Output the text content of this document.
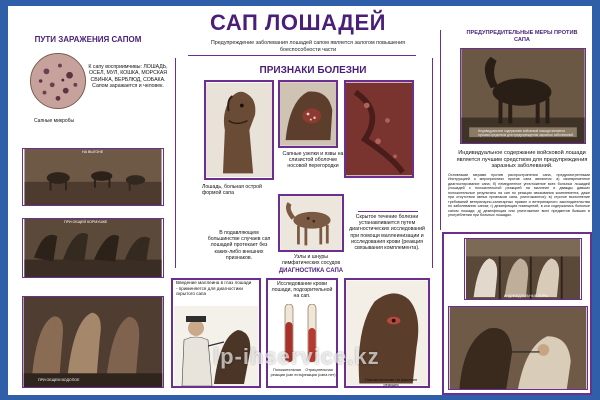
САП ЛОШАДЕЙ
Предупреждение заболевания лошадей сапом является залогом повышения боеспособности части
ПУТИ ЗАРАЖЕНИЯ САПОМ
К сапу восприимчивы: ЛОШАДЬ, ОСЕЛ, МУЛ, КОШКА, МОРСКАЯ СВИНКА, ВЕРБЛЮД, СОБАКА. Сапом заражается и человек.
Сапные микробы
НА ВЫГОНЕ
ПРИ ОБЩЕЙ КОРМУШКЕ
ПРИ ОБЩЕМ ВОДОПОЕ
ПРИЗНАКИ БОЛЕЗНИ
Лошадь, больная острой формой сапа
Сапные узелки и язвы на слизистой оболочке носовой перегородки
В подавляющем большинстве случаев сап лошадей протекает без каких-либо внешних признаков.	Узлы и шнуры лимфатических сосудов
Скрытое течение болезни устанавливается путем диагностических исследований при помощи маллеинизации и исследования крови (реакция связывания комплемента).
ДИАГНОСТИКА САПА
Введение маллеина в глаз лошади - применяется для диагностики скрытого сапа
Исследование крови лошади, подозрительной на сап.
Положительная реакция (сап есть)
Отрицательная реакция (сапа нет)
Положительная на маллеин реакция
ПРЕДУПРЕДИТЕЛЬНЫЕ МЕРЫ ПРОТИВ САПА
Индивидуальное содержание войсковой лошади является лучшим средством для предупреждения заразных заболеваний.
Индивидуальное содержание войсковой лошади является лучшим средством для предупреждения заразных заболеваний.
Основными мерами против распространения сапа, предусмотренными Инструкцией о мероприятиях против сапа являются: а) своевременное диагностирование сапа; б) немедленное уничтожение всех больных лошадей (лошадей с положительной реакцией на маллеин и дважды давших положительные результаты на сап по реакции связывания комплемента, даже при отсутствии явных признаков сапа, уничтожаются); в) строгое выполнение требований ветеринарно-санитарных правил и ветеринарного законодательства по заболеванию сапом; г) дезинфекция помещений, в кои содержались больные сапом лошади; д) дезинфекция или уничтожение всех предметов бывших в употреблении при больных лошадях.
ИНДИВИДУАЛЬНЫЕ ЛОРЫ
lp-ihservice.kz
